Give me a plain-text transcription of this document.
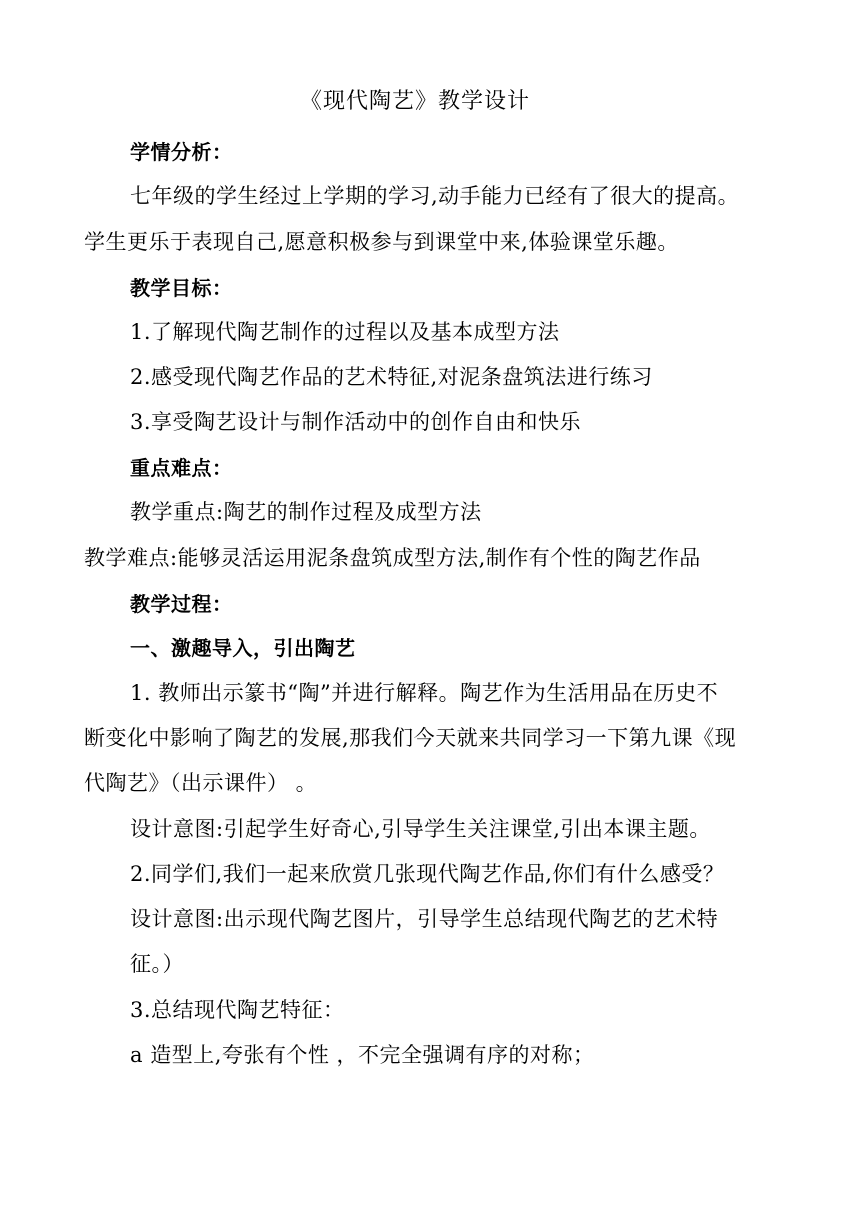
《现代陶艺》教学设计
学情分析：
七年级的学生经过上学期的学习,动手能力已经有了很大的提高。
学生更乐于表现自己,愿意积极参与到课堂中来,体验课堂乐趣。
教学目标：
1.了解现代陶艺制作的过程以及基本成型方法
2.感受现代陶艺作品的艺术特征,对泥条盘筑法进行练习
3.享受陶艺设计与制作活动中的创作自由和快乐
重点难点：
教学重点:陶艺的制作过程及成型方法
教学难点:能够灵活运用泥条盘筑成型方法,制作有个性的陶艺作品
教学过程：
一、激趣导入，引出陶艺
1. 教师出示篆书“陶”并进行解释。陶艺作为生活用品在历史不
断变化中影响了陶艺的发展,那我们今天就来共同学习一下第九课《现
代陶艺》（出示课件） 。
设计意图:引起学生好奇心,引导学生关注课堂,引出本课主题。
2.同学们,我们一起来欣赏几张现代陶艺作品,你们有什么感受？
设计意图:出示现代陶艺图片，引导学生总结现代陶艺的艺术特
征。）
3.总结现代陶艺特征：
a 造型上,夸张有个性 ，不完全强调有序的对称；
